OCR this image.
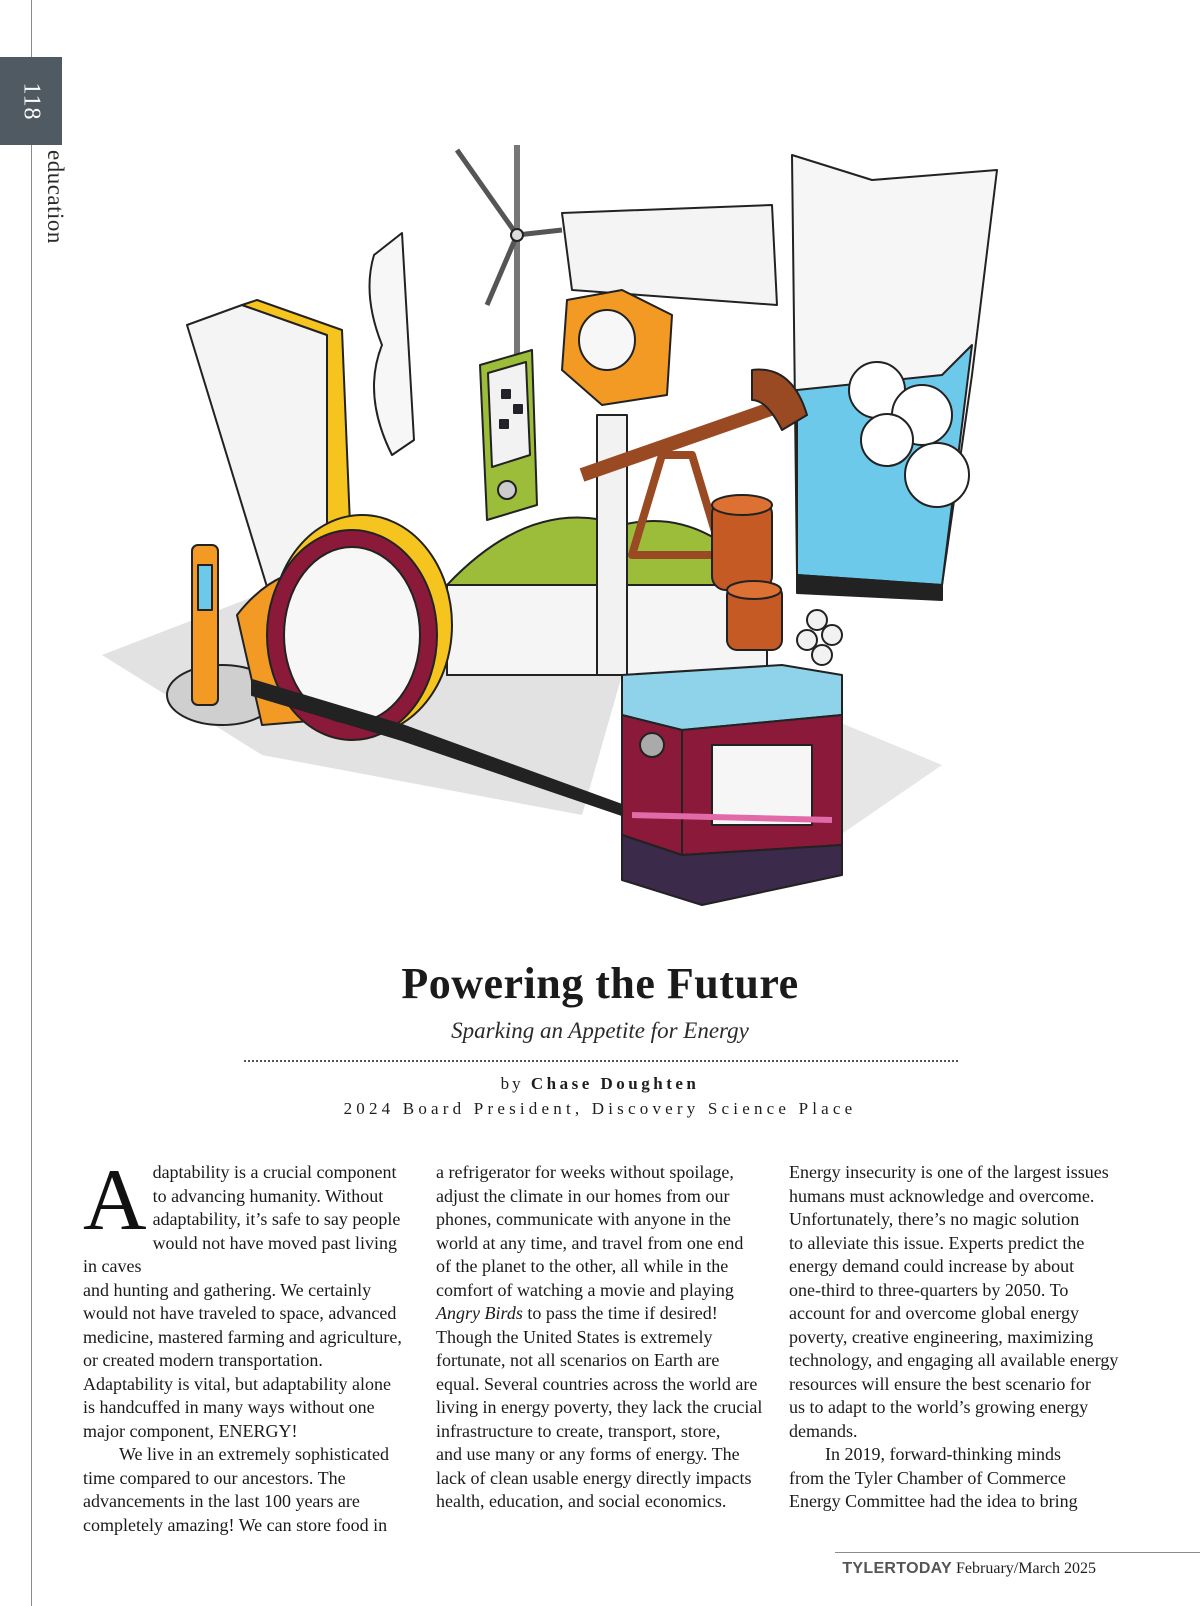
118
education
Powering the Future
Sparking an Appetite for Energy
by Chase Doughten
2024 Board President, Discovery Science Place

Adaptability is a crucial component
to advancing humanity. Without
adaptability, it’s safe to say people
would not have moved past living in caves
and hunting and gathering. We certainly
would not have traveled to space, advanced
medicine, mastered farming and agriculture,
or created modern transportation.
Adaptability is vital, but adaptability alone
is handcuffed in many ways without one
major component, ENERGY!

We live in an extremely sophisticated
time compared to our ancestors. The
advancements in the last 100 years are
completely amazing! We can store food in

a refrigerator for weeks without spoilage,
adjust the climate in our homes from our
phones, communicate with anyone in the
world at any time, and travel from one end
of the planet to the other, all while in the
comfort of watching a movie and playing
Angry Birds to pass the time if desired!
Though the United States is extremely
fortunate, not all scenarios on Earth are
equal. Several countries across the world are
living in energy poverty, they lack the crucial
infrastructure to create, transport, store,
and use many or any forms of energy. The
lack of clean usable energy directly impacts
health, education, and social economics.

Energy insecurity is one of the largest issues
humans must acknowledge and overcome.
Unfortunately, there’s no magic solution
to alleviate this issue. Experts predict the
energy demand could increase by about
one-third to three-quarters by 2050. To
account for and overcome global energy
poverty, creative engineering, maximizing
technology, and engaging all available energy
resources will ensure the best scenario for
us to adapt to the world’s growing energy
demands.

In 2019, forward-thinking minds
from the Tyler Chamber of Commerce
Energy Committee had the idea to bring

TYLERTODAY February/March 2025
